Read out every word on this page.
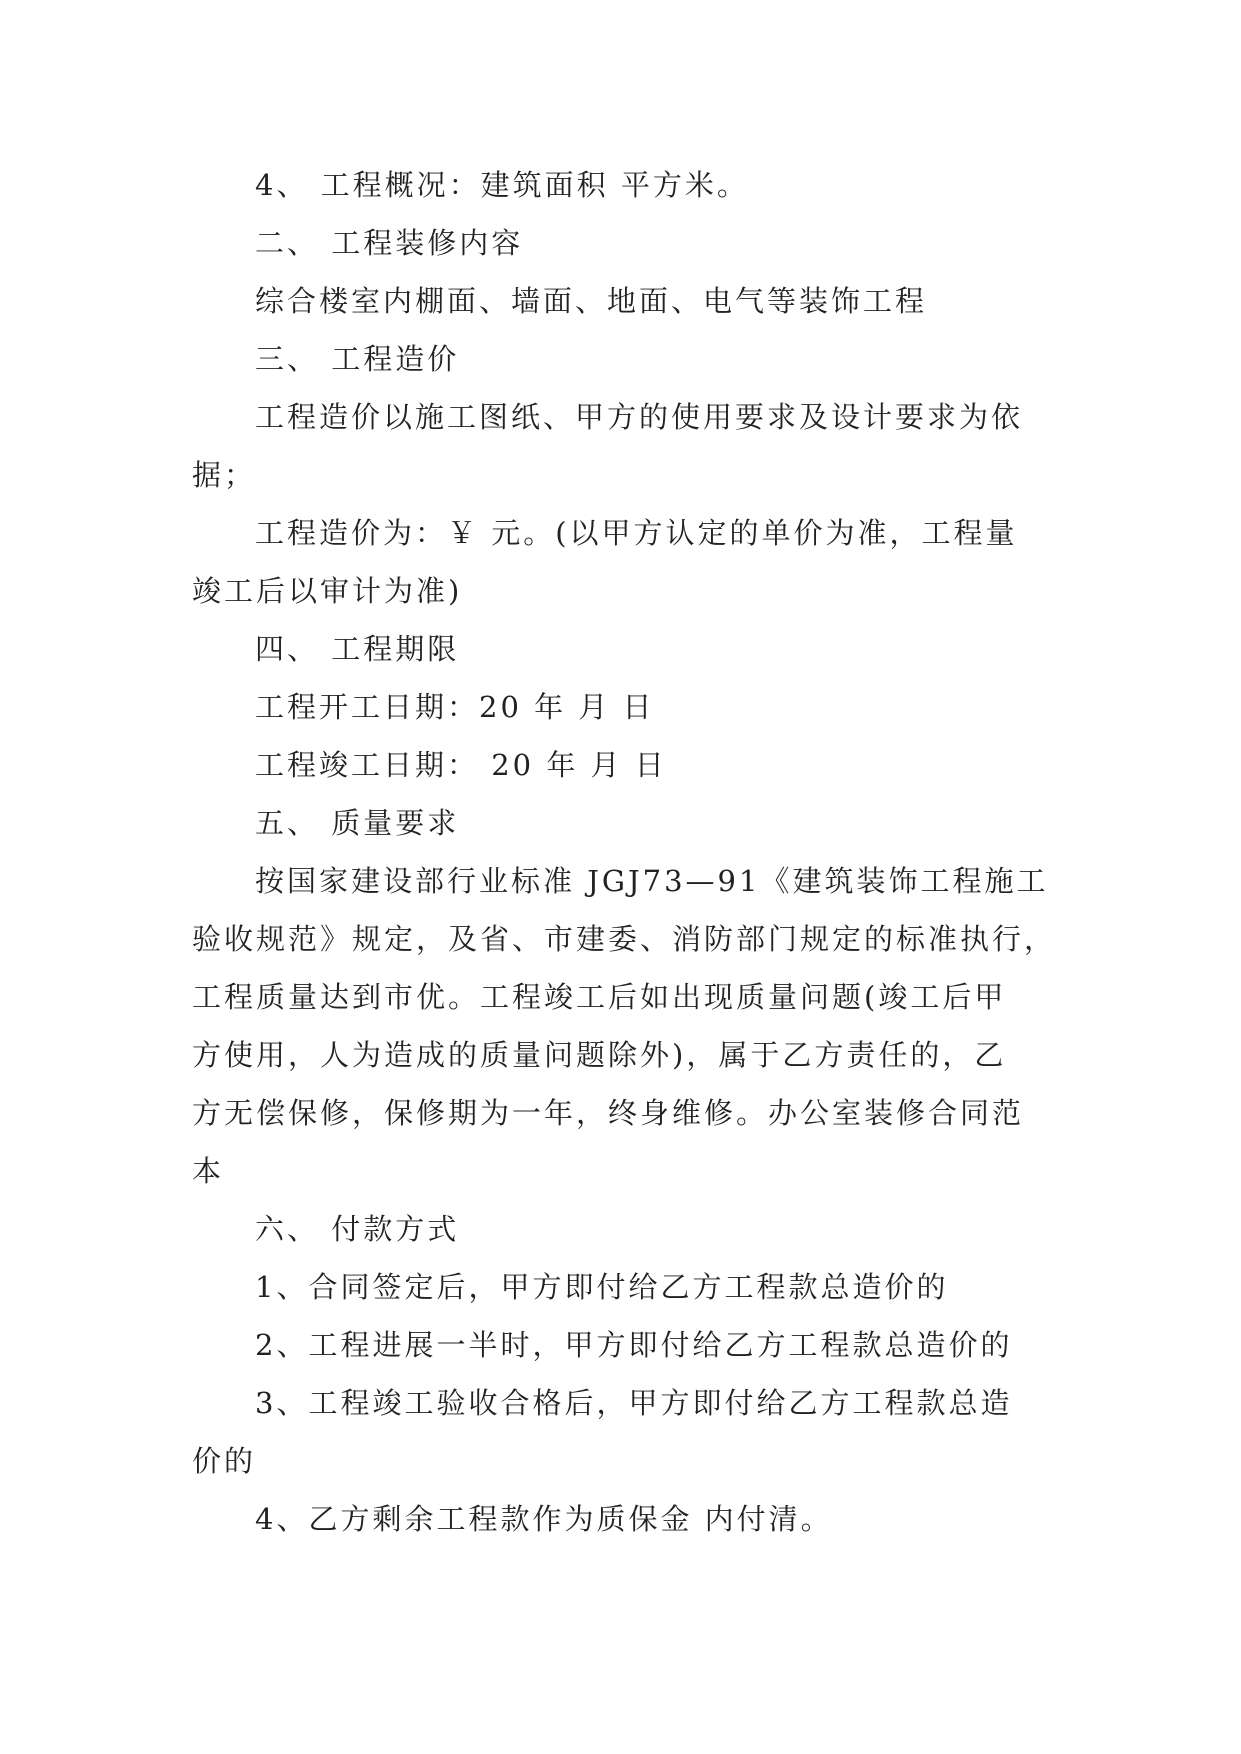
4、 工程概况：建筑面积 平方米。
二、 工程装修内容
综合楼室内棚面、墙面、地面、电气等装饰工程
三、 工程造价
工程造价以施工图纸、甲方的使用要求及设计要求为依
据；
工程造价为：￥ 元。(以甲方认定的单价为准，工程量
竣工后以审计为准)
四、 工程期限
工程开工日期：20 年 月 日
工程竣工日期： 20 年 月 日
五、 质量要求
按国家建设部行业标准 JGJ73—91《建筑装饰工程施工
验收规范》规定，及省、市建委、消防部门规定的标准执行，
工程质量达到市优。工程竣工后如出现质量问题(竣工后甲
方使用，人为造成的质量问题除外)，属于乙方责任的，乙
方无偿保修，保修期为一年，终身维修。办公室装修合同范
本
六、 付款方式
1、合同签定后，甲方即付给乙方工程款总造价的
2、工程进展一半时，甲方即付给乙方工程款总造价的
3、工程竣工验收合格后，甲方即付给乙方工程款总造
价的
4、乙方剩余工程款作为质保金 内付清。
